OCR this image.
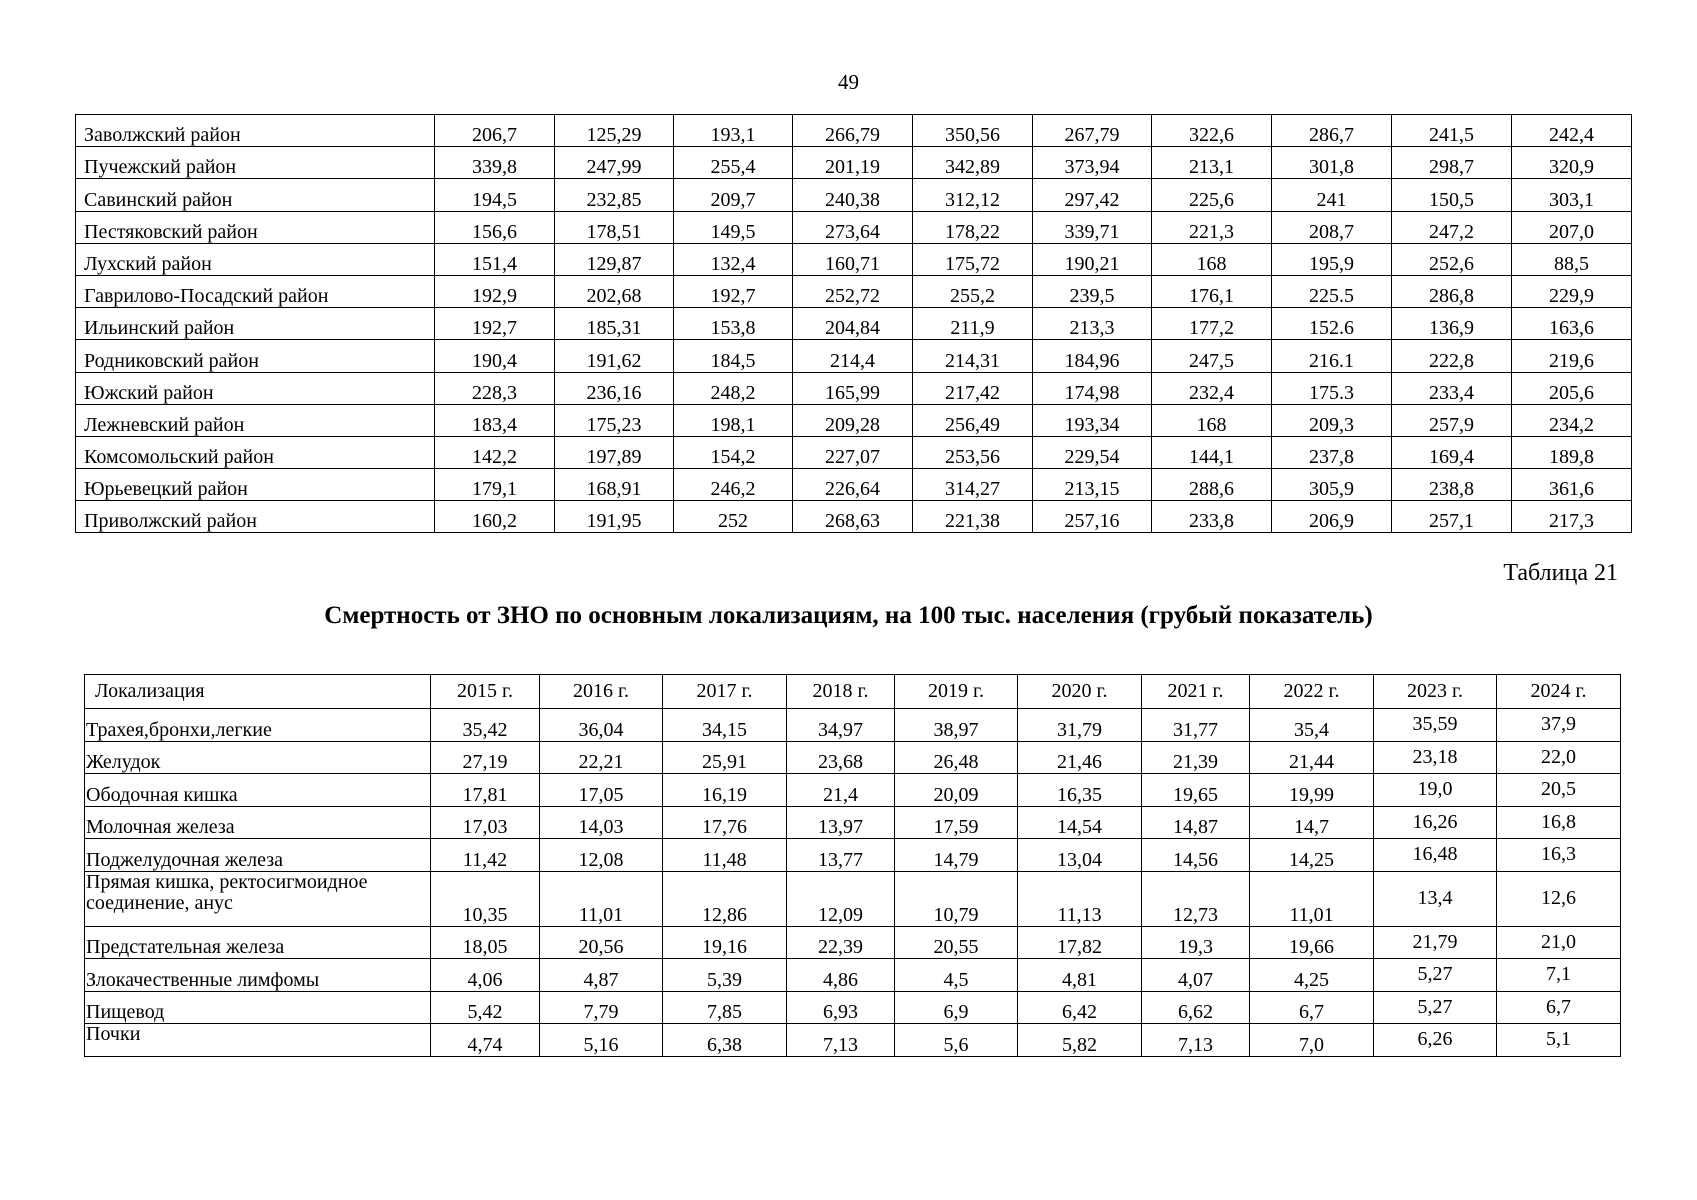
49
Заволжский район	206,7	125,29	193,1	266,79	350,56	267,79	322,6	286,7	241,5	242,4
Пучежский район	339,8	247,99	255,4	201,19	342,89	373,94	213,1	301,8	298,7	320,9
Савинский район	194,5	232,85	209,7	240,38	312,12	297,42	225,6	241	150,5	303,1
Пестяковский район	156,6	178,51	149,5	273,64	178,22	339,71	221,3	208,7	247,2	207,0
Лухский район	151,4	129,87	132,4	160,71	175,72	190,21	168	195,9	252,6	88,5
Гаврилово-Посадский район	192,9	202,68	192,7	252,72	255,2	239,5	176,1	225.5	286,8	229,9
Ильинский район	192,7	185,31	153,8	204,84	211,9	213,3	177,2	152.6	136,9	163,6
Родниковский район	190,4	191,62	184,5	214,4	214,31	184,96	247,5	216.1	222,8	219,6
Южский район	228,3	236,16	248,2	165,99	217,42	174,98	232,4	175.3	233,4	205,6
Лежневский район	183,4	175,23	198,1	209,28	256,49	193,34	168	209,3	257,9	234,2
Комсомольский район	142,2	197,89	154,2	227,07	253,56	229,54	144,1	237,8	169,4	189,8
Юрьевецкий район	179,1	168,91	246,2	226,64	314,27	213,15	288,6	305,9	238,8	361,6
Приволжский район	160,2	191,95	252	268,63	221,38	257,16	233,8	206,9	257,1	217,3
Таблица 21
Смертность от ЗНО по основным локализациям, на 100 тыс. населения (грубый показатель)
Локализация	2015 г.	2016 г.	2017 г.	2018 г.	2019 г.	2020 г.	2021 г.	2022 г.	2023 г.	2024 г.
Трахея,бронхи,легкие	35,42	36,04	34,15	34,97	38,97	31,79	31,77	35,4	35,59	37,9
Желудок	27,19	22,21	25,91	23,68	26,48	21,46	21,39	21,44	23,18	22,0
Ободочная кишка	17,81	17,05	16,19	21,4	20,09	16,35	19,65	19,99	19,0	20,5
Молочная железа	17,03	14,03	17,76	13,97	17,59	14,54	14,87	14,7	16,26	16,8
Поджелудочная железа	11,42	12,08	11,48	13,77	14,79	13,04	14,56	14,25	16,48	16,3
Прямая кишка, ректосигмоидное соединение, анус	10,35	11,01	12,86	12,09	10,79	11,13	12,73	11,01	13,4	12,6
Предстательная железа	18,05	20,56	19,16	22,39	20,55	17,82	19,3	19,66	21,79	21,0
Злокачественные лимфомы	4,06	4,87	5,39	4,86	4,5	4,81	4,07	4,25	5,27	7,1
Пищевод	5,42	7,79	7,85	6,93	6,9	6,42	6,62	6,7	5,27	6,7
Почки	4,74	5,16	6,38	7,13	5,6	5,82	7,13	7,0	6,26	5,1
